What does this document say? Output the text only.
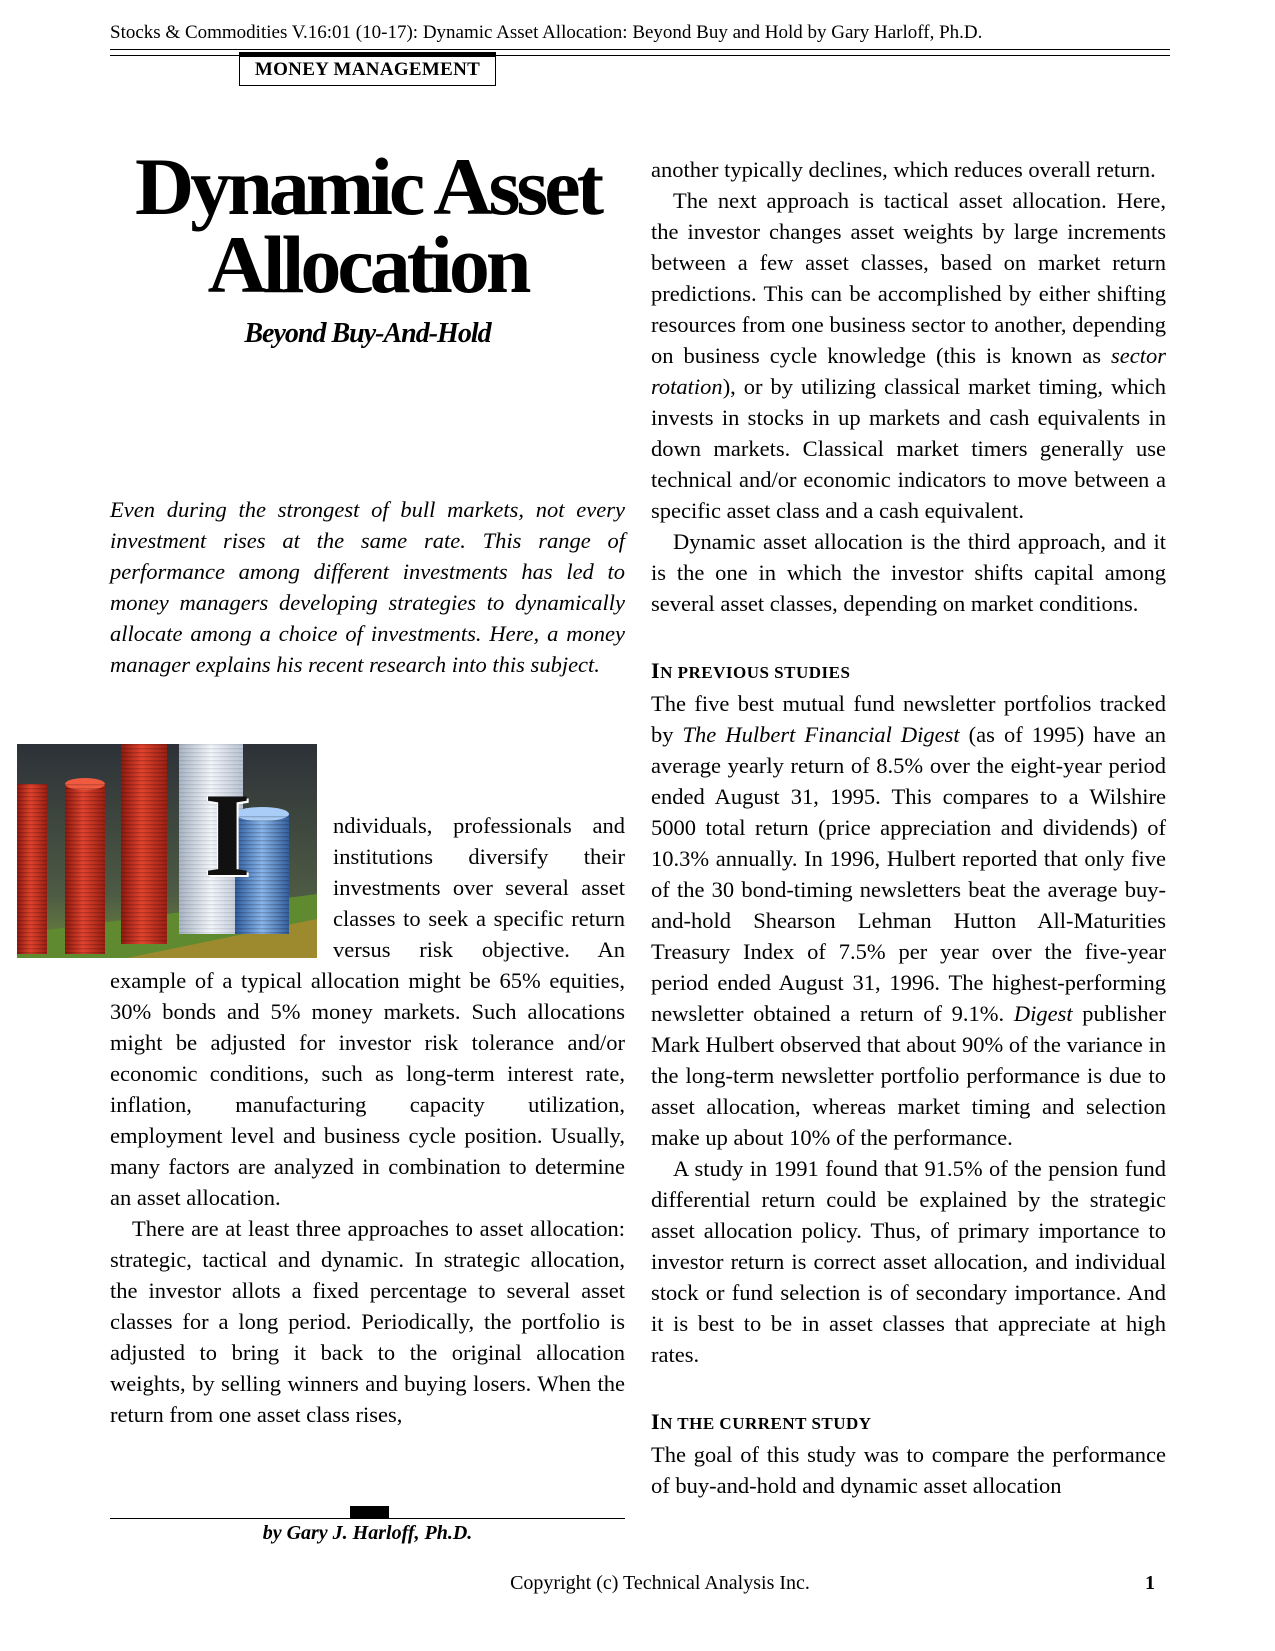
Stocks & Commodities V.16:01 (10-17): Dynamic Asset Allocation: Beyond Buy and Hold by Gary Harloff, Ph.D.
MONEY MANAGEMENT
Dynamic Asset
Allocation
Beyond Buy-And-Hold

Even during the strongest of bull markets, not every investment rises at the same rate. This range of performance among different investments has led to money managers developing strategies to dynamically allocate among a choice of investments. Here, a money manager explains his recent research into this subject.

I	ndividuals, professionals and institutions diversify their investments over several asset classes to seek a specific return versus risk objective. An example of a typical allocation might be 65% equities, 30% bonds and 5% money markets. Such allocations might be adjusted for investor risk tolerance and/or economic conditions, such as long-term interest rate, inflation, manufacturing capacity utilization, employment level and business cycle position. Usually, many factors are analyzed in combination to determine an asset allocation.

There are at least three approaches to asset allocation: strategic, tactical and dynamic. In strategic allocation, the investor allots a fixed percentage to several asset classes for a long period. Periodically, the portfolio is adjusted to bring it back to the original allocation weights, by selling winners and buying losers. When the return from one asset class rises,

another typically declines, which reduces overall return.

The next approach is tactical asset allocation. Here, the investor changes asset weights by large increments between a few asset classes, based on market return predictions. This can be accomplished by either shifting resources from one business sector to another, depending on business cycle knowledge (this is known as sector rotation), or by utilizing classical market timing, which invests in stocks in up markets and cash equivalents in down markets. Classical market timers generally use technical and/or economic indicators to move between a specific asset class and a cash equivalent.

Dynamic asset allocation is the third approach, and it is the one in which the investor shifts capital among several asset classes, depending on market conditions.

IN PREVIOUS STUDIES

The five best mutual fund newsletter portfolios tracked by The Hulbert Financial Digest (as of 1995) have an average yearly return of 8.5% over the eight-year period ended August 31, 1995. This compares to a Wilshire 5000 total return (price appreciation and dividends) of 10.3% annually. In 1996, Hulbert reported that only five of the 30 bond-timing newsletters beat the average buy-and-hold Shearson Lehman Hutton All-Maturities Treasury Index of 7.5% per year over the five-year period ended August 31, 1996. The highest-performing newsletter obtained a return of 9.1%. Digest publisher Mark Hulbert observed that about 90% of the variance in the long-term newsletter portfolio performance is due to asset allocation, whereas market timing and selection make up about 10% of the performance.

A study in 1991 found that 91.5% of the pension fund differential return could be explained by the strategic asset allocation policy. Thus, of primary importance to investor return is correct asset allocation, and individual stock or fund selection is of secondary importance. And it is best to be in asset classes that appreciate at high rates.

IN THE CURRENT STUDY

The goal of this study was to compare the performance of buy-and-hold and dynamic asset allocation

by Gary J. Harloff, Ph.D.
Copyright (c) Technical Analysis Inc.	1
